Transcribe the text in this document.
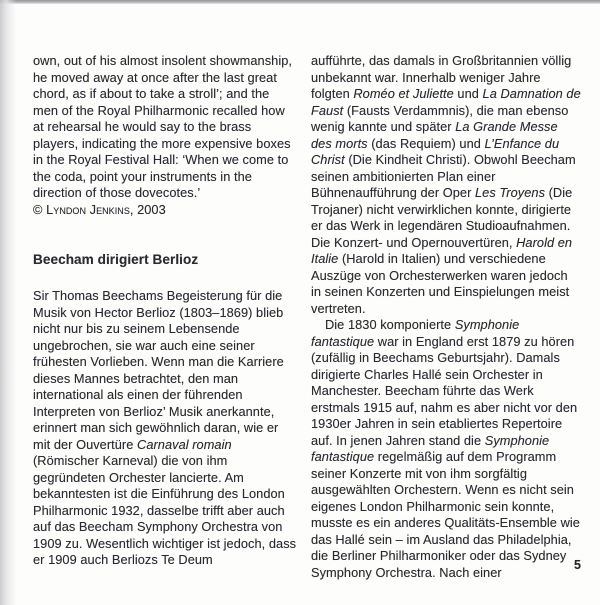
own, out of his almost insolent showmanship, he moved away at once after the last great chord, as if about to take a stroll’; and the men of the Royal Philharmonic recalled how at rehearsal he would say to the brass players, indicating the more expensive boxes in the Royal Festival Hall: ‘When we come to the coda, point your instruments in the direction of those dovecotes.’

© Lyndon Jenkins, 2003

Beecham dirigiert Berlioz

Sir Thomas Beechams Begeisterung für die Musik von Hector Berlioz (1803–1869) blieb nicht nur bis zu seinem Lebensende ungebrochen, sie war auch eine seiner frühesten Vorlieben. Wenn man die Karriere dieses Mannes betrachtet, den man international als einen der führenden Interpreten von Berlioz’ Musik anerkannte, erinnert man sich gewöhnlich daran, wie er mit der Ouvertüre Carnaval romain (Römischer Karneval) die von ihm gegründeten Orchester lancierte. Am bekanntesten ist die Einführung des London Philharmonic 1932, dasselbe trifft aber auch auf das Beecham Symphony Orchestra von 1909 zu. Wesentlich wichtiger ist jedoch, dass er 1909 auch Berliozs Te Deum

aufführte, das damals in Großbritannien völlig unbekannt war. Innerhalb weniger Jahre folgten Roméo et Juliette und La Damnation de Faust (Fausts Verdammnis), die man ebenso wenig kannte und später La Grande Messe des morts (das Requiem) und L’Enfance du Christ (Die Kindheit Christi). Obwohl Beecham seinen ambitionierten Plan einer Bühnenaufführung der Oper Les Troyens (Die Trojaner) nicht verwirklichen konnte, dirigierte er das Werk in legendären Studioaufnahmen. Die Konzert- und Opernouvertüren, Harold en Italie (Harold in Italien) und verschiedene Auszüge von Orchesterwerken waren jedoch in seinen Konzerten und Einspielungen meist vertreten.

Die 1830 komponierte Symphonie fantastique war in England erst 1879 zu hören (zufällig in Beechams Geburtsjahr). Damals dirigierte Charles Hallé sein Orchester in Manchester. Beecham führte das Werk erstmals 1915 auf, nahm es aber nicht vor den 1930er Jahren in sein etabliertes Repertoire auf. In jenen Jahren stand die Symphonie fantastique regelmäßig auf dem Programm seiner Konzerte mit von ihm sorgfältig ausgewählten Orchestern. Wenn es nicht sein eigenes London Philharmonic sein konnte, musste es ein anderes Qualitäts-Ensemble wie das Hallé sein – im Ausland das Philadelphia, die Berliner Philharmoniker oder das Sydney Symphony Orchestra. Nach einer	5
